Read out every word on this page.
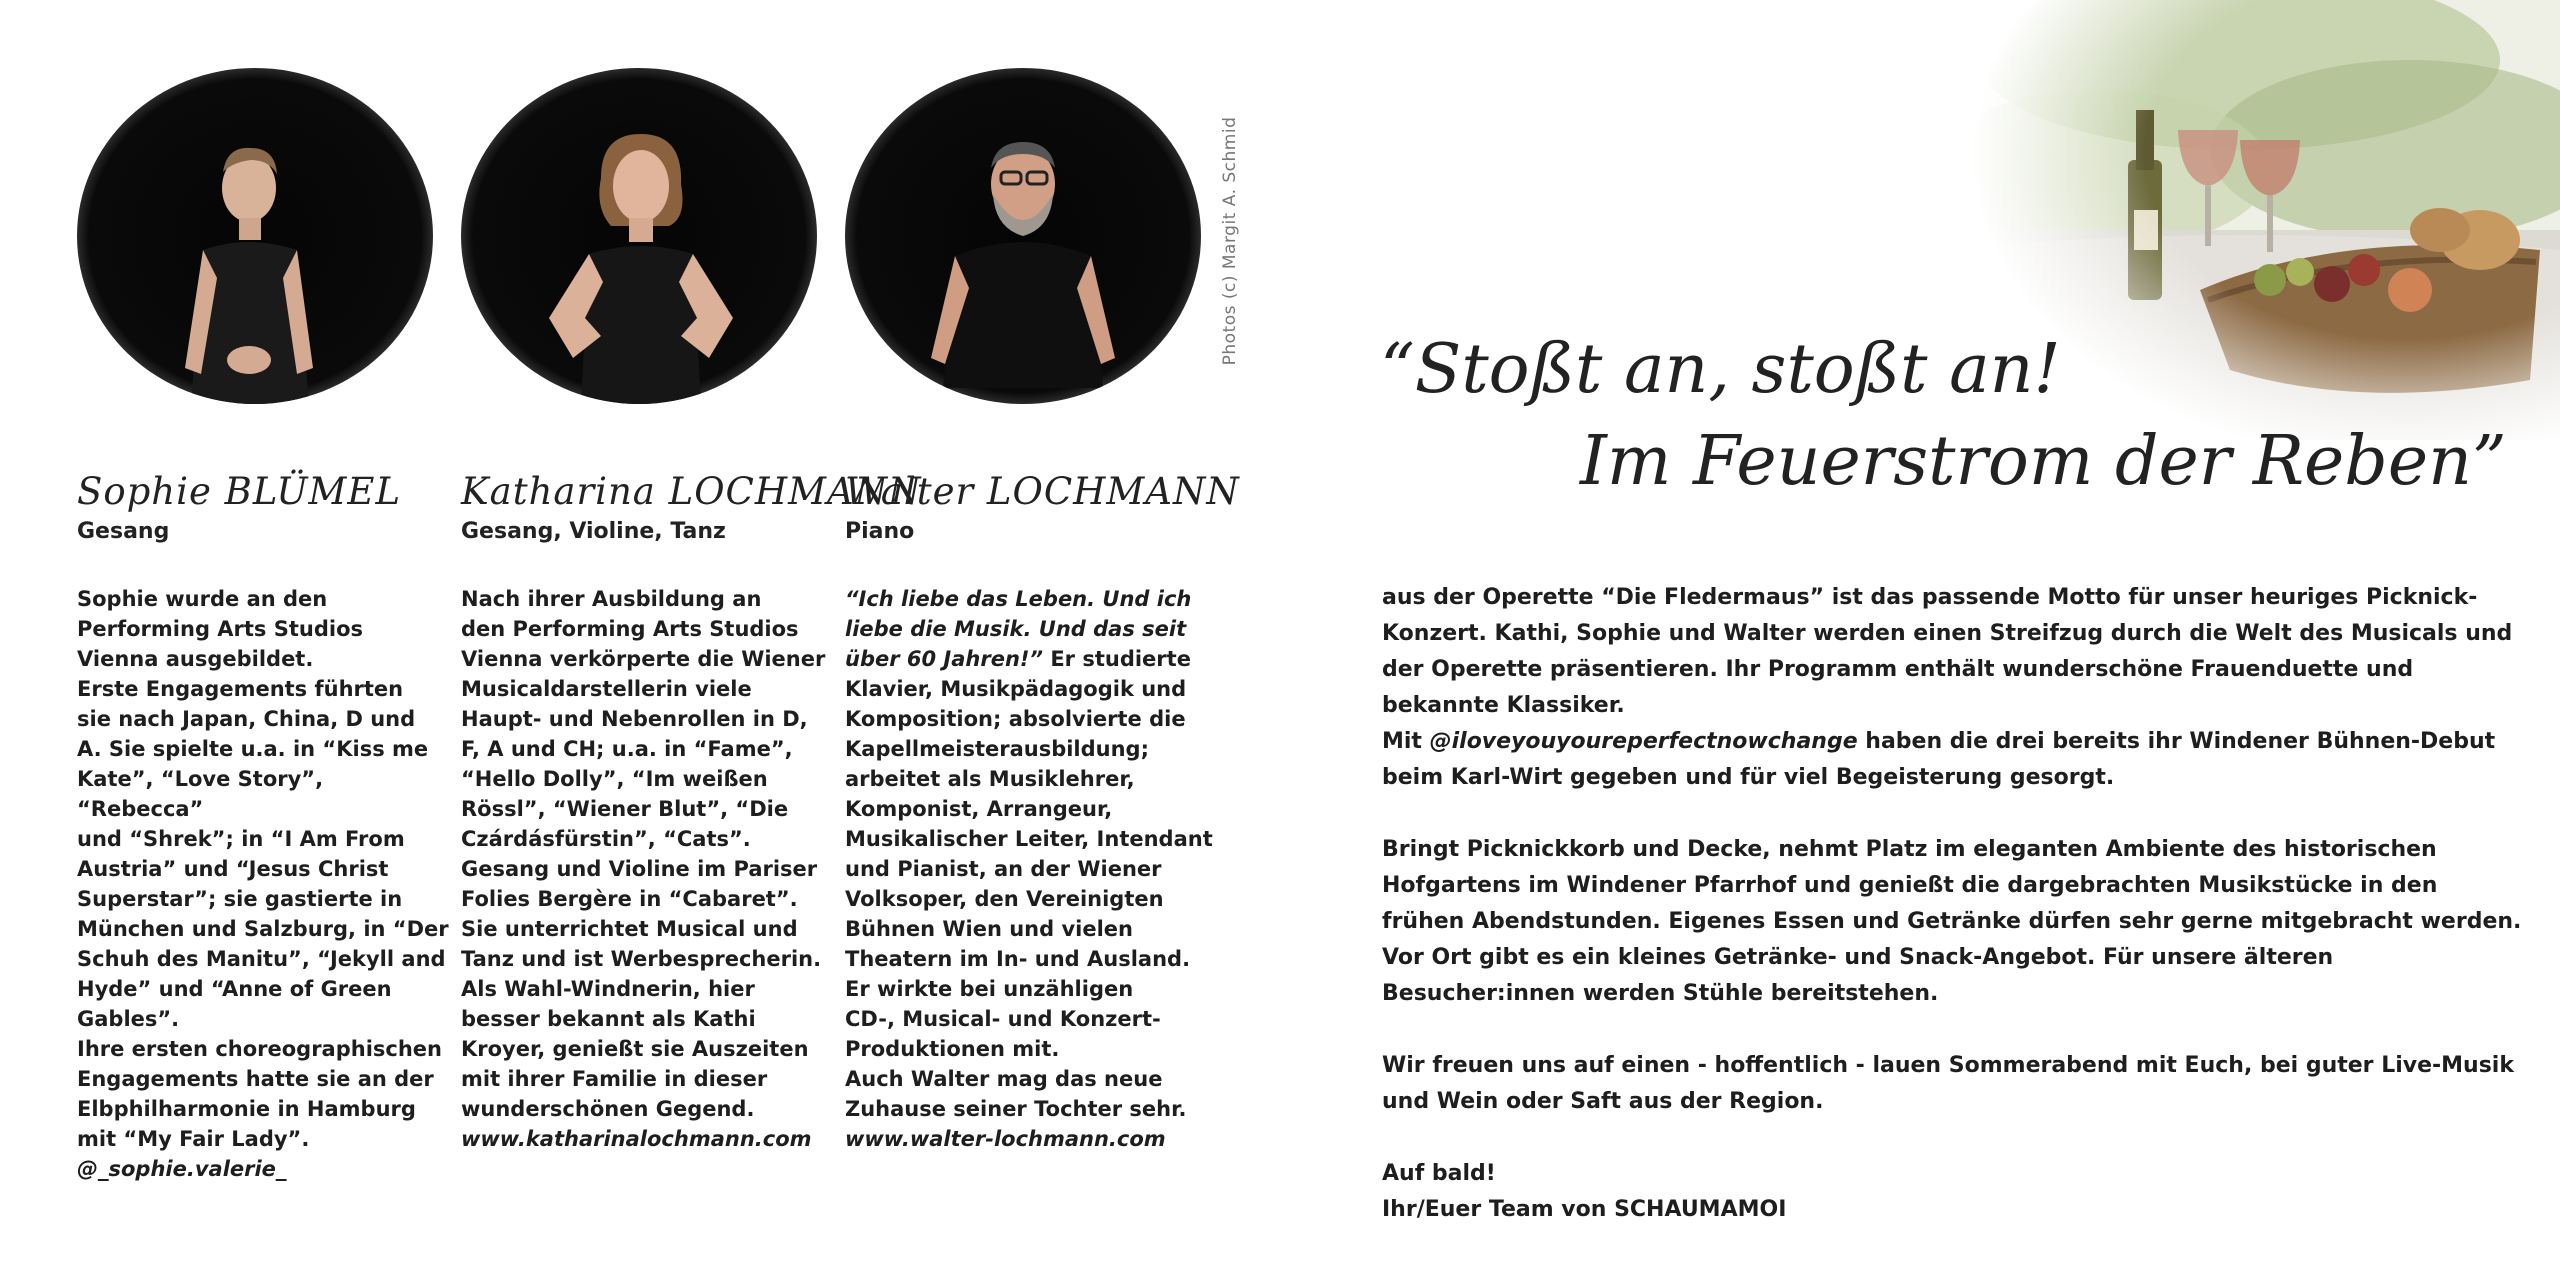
Sophie BLÜMEL
Gesang

Sophie wurde an den
Performing Arts Studios
Vienna ausgebildet.
Erste Engagements führten
sie nach Japan, China, D und
A. Sie spielte u.a. in “Kiss me
Kate”, “Love Story”, “Rebecca”
und “Shrek”; in “I Am From
Austria” und “Jesus Christ
Superstar”; sie gastierte in
München und Salzburg, in “Der
Schuh des Manitu”, “Jekyll and
Hyde” und “Anne of Green
Gables”.
Ihre ersten choreographischen
Engagements hatte sie an der
Elbphilharmonie in Hamburg
mit “My Fair Lady”.

@_sophie.valerie_

Katharina LOCHMANN
Gesang, Violine, Tanz

Nach ihrer Ausbildung an
den Performing Arts Studios
Vienna verkörperte die Wiener
Musicaldarstellerin viele
Haupt- und Nebenrollen in D,
F, A und CH; u.a. in “Fame”,
“Hello Dolly”, “Im weißen
Rössl”, “Wiener Blut”, “Die
Czárdásfürstin”, “Cats”.
Gesang und Violine im Pariser
Folies Bergère in “Cabaret”.
Sie unterrichtet Musical und
Tanz und ist Werbesprecherin.
Als Wahl-Windnerin, hier
besser bekannt als Kathi
Kroyer, genießt sie Auszeiten
mit ihrer Familie in dieser
wunderschönen Gegend.

www.katharinalochmann.com

Walter LOCHMANN
Piano

“Ich liebe das Leben. Und ich
liebe die Musik. Und das seit
über 60 Jahren!” Er studierte
Klavier, Musikpädagogik und
Komposition; absolvierte die
Kapellmeisterausbildung;
arbeitet als Musiklehrer,
Komponist, Arrangeur,
Musikalischer Leiter, Intendant
und Pianist, an der Wiener
Volksoper, den Vereinigten
Bühnen Wien und vielen
Theatern im In- und Ausland.
Er wirkte bei unzähligen
CD-, Musical- und Konzert-
Produktionen mit.
Auch Walter mag das neue
Zuhause seiner Tochter sehr.

www.walter-lochmann.com

Photos (c) Margit A. Schmid
“Stoßt an, stoßt an!
Im Feuerstrom der Reben”

aus der Operette “Die Fledermaus” ist das passende Motto für unser heuriges Picknick-Konzert. Kathi, Sophie und Walter werden einen Streifzug durch die Welt des Musicals und der Operette präsentieren. Ihr Programm enthält wunderschöne Frauenduette und bekannte Klassiker.
Mit @iloveyouyoureperfectnowchange haben die drei bereits ihr Windener Bühnen-Debut beim Karl-Wirt gegeben und für viel Begeisterung gesorgt.

Bringt Picknickkorb und Decke, nehmt Platz im eleganten Ambiente des historischen Hofgartens im Windener Pfarrhof und genießt die dargebrachten Musikstücke in den frühen Abendstunden. Eigenes Essen und Getränke dürfen sehr gerne mitgebracht werden. Vor Ort gibt es ein kleines Getränke- und Snack-Angebot. Für unsere älteren Besucher:innen werden Stühle bereitstehen.

Wir freuen uns auf einen - hoffentlich - lauen Sommerabend mit Euch, bei guter Live-Musik und Wein oder Saft aus der Region.

Auf bald!

Ihr/Euer Team von SCHAUMAMOI
